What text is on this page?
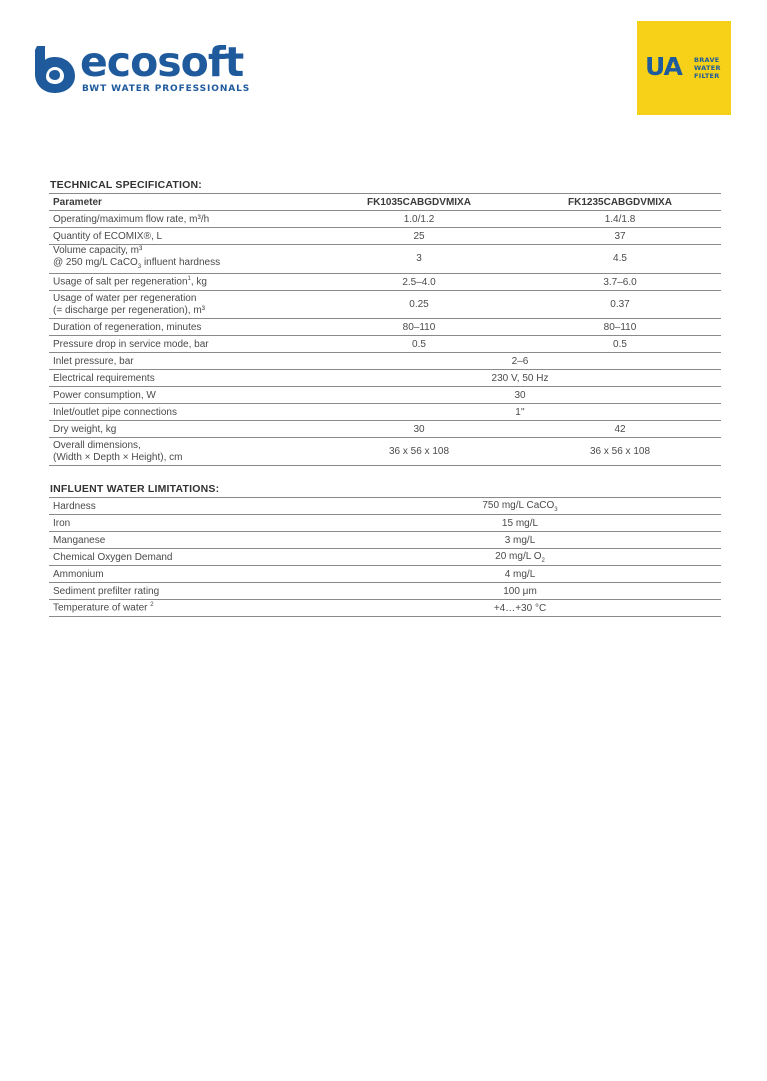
ecosoft
BWT WATER PROFESSIONALS
UA BRAVE
WATER
FILTER
TECHNICAL SPECIFICATION:
Parameter	FK1035CABGDVMIXA	FK1235CABGDVMIXA
Operating/maximum flow rate, m³/h	1.0/1.2	1.4/1.8
Quantity of ECOMIX®, L	25	37
Volume capacity, m³
@ 250 mg/L CaCO$_3$ influent hardness	3	4.5
Usage of salt per regeneration$^1$, kg	2.5–4.0	3.7–6.0
Usage of water per regeneration
(= discharge per regeneration), m³	0.25	0.37
Duration of regeneration, minutes	80–110	80–110
Pressure drop in service mode, bar	0.5	0.5
Inlet pressure, bar	2–6	
Electrical requirements	230 V, 50 Hz	
Power consumption, W	30	
Inlet/outlet pipe connections	1''	
Dry weight, kg	30	42
Overall dimensions,
(Width × Depth × Height), cm	36 x 56 x 108	36 x 56 x 108
INFLUENT WATER LIMITATIONS:
Hardness	750 mg/L CaCO$_3$
Iron	15 mg/L
Manganese	3 mg/L
Chemical Oxygen Demand	20 mg/L $O_2$
Ammonium	4 mg/L
Sediment prefilter rating	100 μm
Temperature of water $^2$	+4…+30 °C
